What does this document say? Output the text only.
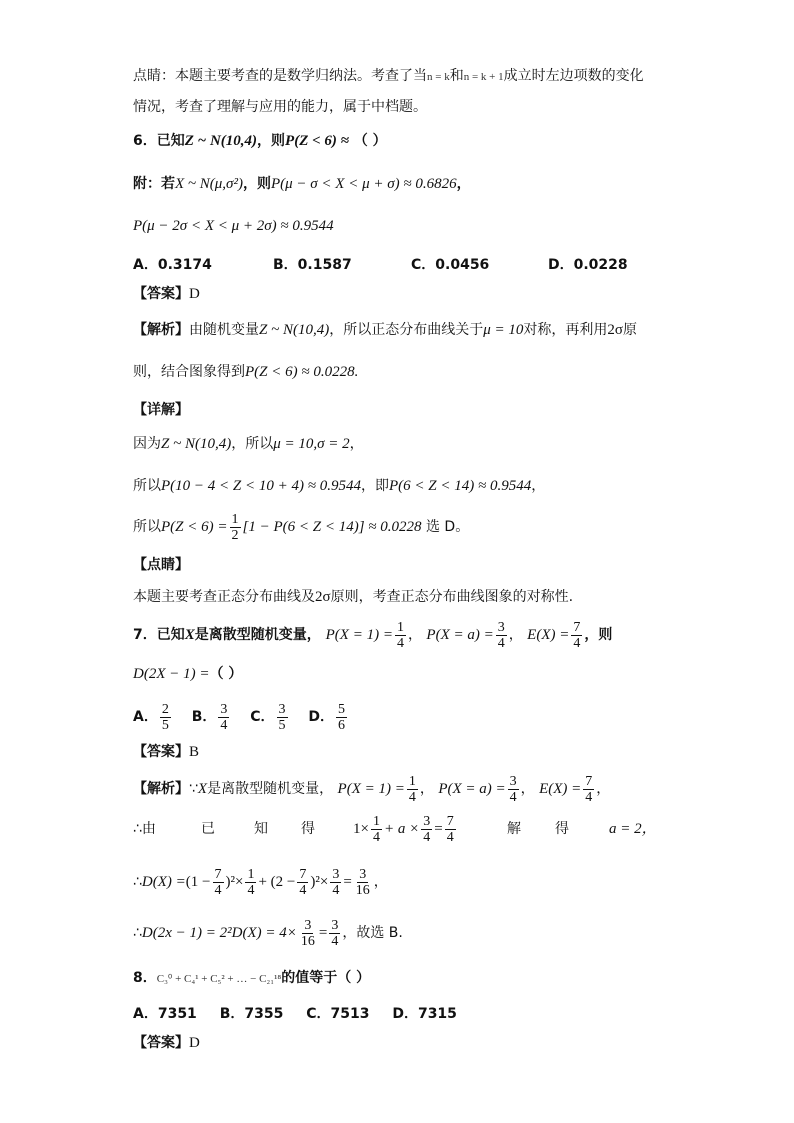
点睛：本题主要考查的是数学归纳法。考查了当n = k和n = k + 1成立时左边项数的变化
情况，考查了理解与应用的能力，属于中档题。
6．已知Z ~ N(10,4)，则P(Z < 6) ≈ （ ）
附：若X ~ N(μ,σ²)，则P(μ − σ < X < μ + σ) ≈ 0.6826，
P(μ − 2σ < X < μ + 2σ) ≈ 0.9544
A．0.3174	B．0.1587	C．0.0456	D．0.0228
【答案】D
【解析】由随机变量Z ~ N(10,4)，所以正态分布曲线关于μ = 10对称，再利用2σ原
则，结合图象得到P(Z < 6) ≈ 0.0228.
【详解】
因为Z ~ N(10,4)，所以μ = 10,σ = 2，
所以P(10 − 4 < Z < 10 + 4) ≈ 0.9544，即P(6 < Z < 14) ≈ 0.9544，
所以$P(Z < 6) = \frac{1}{2} [1 - P(6 < Z < 14)] \approx 0.0228$ 选 D。
【点睛】
本题主要考查正态分布曲线及2σ原则，考查正态分布曲线图象的对称性.
7．已知X是离散型随机变量， $P(X = 1) = \frac{1}{4}$ ， $P(X = a) = \frac{3}{4}$ ， $E(X) = \frac{7}{4}$ ，则
D(2X − 1) =（ ）
A． $\frac{2}{5}$ B． $\frac{3}{4}$ C． $\frac{3}{5}$ D． $\frac{5}{6}$
【答案】B
【解析】∵X是离散型随机变量， $P(X = 1) = \frac{1}{4}$ ， $P(X = a) = \frac{3}{4}$ ， $E(X) = \frac{7}{4}$ ，
∴由	已	知 得	$1\times \frac{1}{4} + a \times \frac{3}{4} = \frac{7}{4}$	解 得	a = 2，
∴D(X) $=(1 - \frac{7}{4} )^2\times \frac{1}{4} + (2 - \frac{7}{4} )^2\times \frac{3}{4} = \frac{3}{16}$ ，
∴D(2x − $1) = 2^2D(X) = 4\times \frac{3}{16} = \frac{3}{4}$ ，故选 B.
8．C₃⁰ + C₄¹ + C₅² + … − C₂₁¹⁸的值等于（ ）
A．7351 B．7355 C．7513 D．7315
【答案】D
